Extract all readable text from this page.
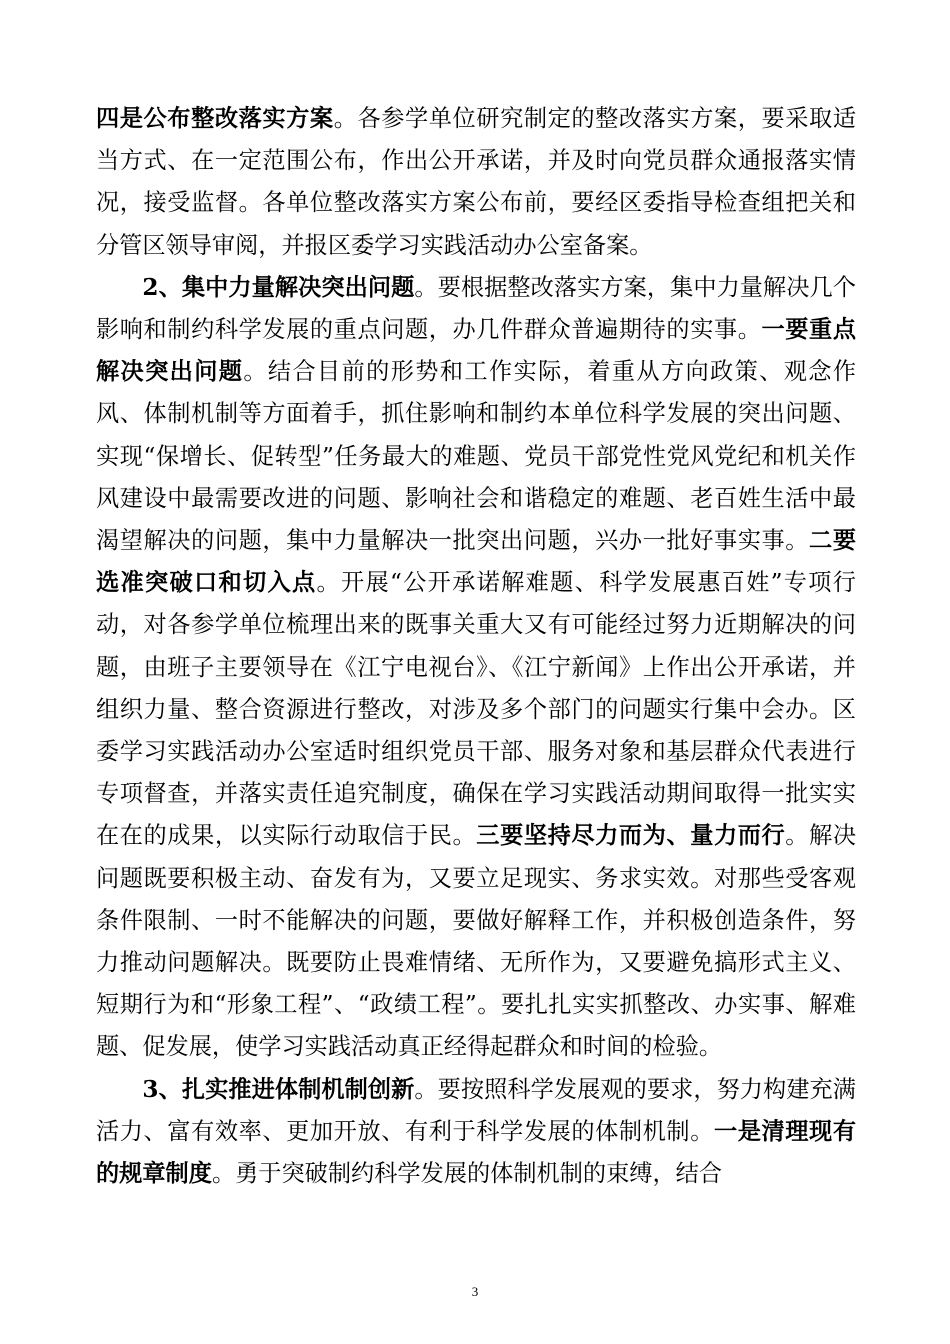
四是公布整改落实方案。各参学单位研究制定的整改落实方案，要采取适当方式、在一定范围公布，作出公开承诺，并及时向党员群众通报落实情况，接受监督。各单位整改落实方案公布前，要经区委指导检查组把关和分管区领导审阅，并报区委学习实践活动办公室备案。

2、集中力量解决突出问题。要根据整改落实方案，集中力量解决几个影响和制约科学发展的重点问题，办几件群众普遍期待的实事。一要重点解决突出问题。结合目前的形势和工作实际，着重从方向政策、观念作风、体制机制等方面着手，抓住影响和制约本单位科学发展的突出问题、实现“保增长、促转型”任务最大的难题、党员干部党性党风党纪和机关作风建设中最需要改进的问题、影响社会和谐稳定的难题、老百姓生活中最渴望解决的问题，集中力量解决一批突出问题，兴办一批好事实事。二要选准突破口和切入点。开展“公开承诺解难题、科学发展惠百姓”专项行动，对各参学单位梳理出来的既事关重大又有可能经过努力近期解决的问题，由班子主要领导在《江宁电视台》、《江宁新闻》上作出公开承诺，并组织力量、整合资源进行整改，对涉及多个部门的问题实行集中会办。区委学习实践活动办公室适时组织党员干部、服务对象和基层群众代表进行专项督查，并落实责任追究制度，确保在学习实践活动期间取得一批实实在在的成果，以实际行动取信于民。三要坚持尽力而为、量力而行。解决问题既要积极主动、奋发有为，又要立足现实、务求实效。对那些受客观条件限制、一时不能解决的问题，要做好解释工作，并积极创造条件，努力推动问题解决。既要防止畏难情绪、无所作为，又要避免搞形式主义、短期行为和“形象工程”、“政绩工程”。要扎扎实实抓整改、办实事、解难题、促发展，使学习实践活动真正经得起群众和时间的检验。

3、扎实推进体制机制创新。要按照科学发展观的要求，努力构建充满活力、富有效率、更加开放、有利于科学发展的体制机制。一是清理现有的规章制度。勇于突破制约科学发展的体制机制的束缚，结合

3
